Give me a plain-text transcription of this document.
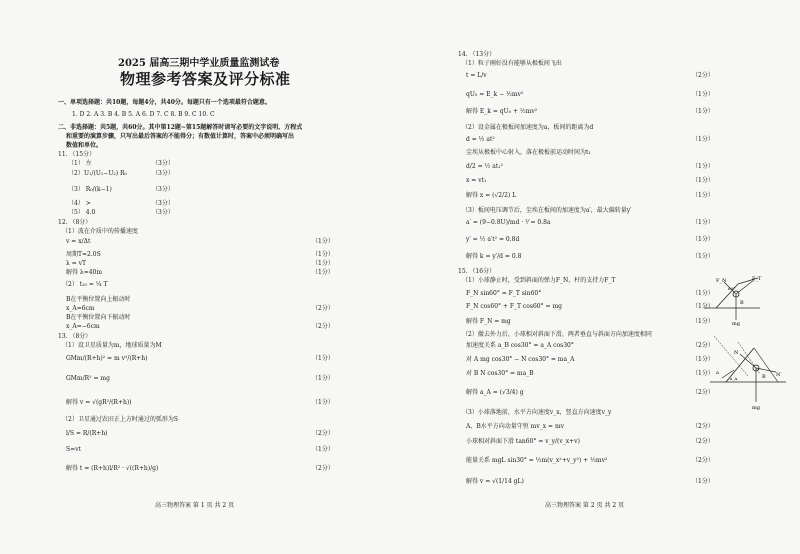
2025 届高三期中学业质量监测试卷
物理参考答案及评分标准
一、单项选择题：共10题，每题4分，共40分。每题只有一个选项最符合题意。
1. D 2. A 3. B 4. B 5. A 6. D 7. C 8. B 9. C 10. C
二、非选择题：共5题，共60分。其中第12题~第15题解答时请写必要的文字说明、方程式
和重要的演算步骤，只写出最后答案的不能得分；有数值计算时，答案中必须明确写出
数值和单位。
11. （15分）
（1） 左	（3分）
（2） U₁/(U₁−U₂) R₀	（3分）
（3） R₀/(k−1)	（3分）
（4） >	（3分）
（5） 4.0	（3分）
12. （8分）
（1）波在介质中的传播速度
v = x/Δt	（1分）
周期T=2.0S	（1分）
λ = vT	（1分）
解得 λ=40m	（1分）
（2） t₂₀ = ¼ T
B在平衡位置向上振动时
x_A=6cm	（2分）
B在平衡位置向下振动时
x_A=−6cm	（2分）
13. （8分）
（1）设卫星质量为m，地球质量为M
GMm/(R+h)² = m v²/(R+h)	（1分）
GMm/R² = mg	（1分）
解得 v = √(gR²/(R+h))	（1分）
（2）卫星通过农田正上方时通过的弧形为S
l/S = R/(R+h)	（2分）
S=vt	（1分）
解得 t = (R+h)l/R² · √((R+h)/g)	（2分）
高三物理答案 第 1 页 共 2 页
14. （13分）
（1）粒子刚好没有能够从极板间飞出
t = L/v	（2分）
qU₀ = E_k − ½mv²	（1分）
解得 E_k = qU₀ + ½mv²	（1分）
（2）设金属在极板间加速度为a，板间的距离为d
d = ½ at²	（1分）
尘埃从极板中心射入，落在极板前运动时间为t₁
d/2 = ½ at₁²	（1分）
x = vt₁	（1分）
解得 x = (√2/2) L	（1分）
（3）板间电压调节后，尘埃在板间的加速度为a′，最大偏转量y′
a′ = (9−0.8U)/md · ⅟ = 0.8a	（1分）
y′ = ½ a′t² = 0.8d	（1分）
解得 k = y′/d = 0.8	（1分）
15. （16分）
（1）小球静止时，受到斜面的弹力F_N，杆的支持力F_T
F_N sin60° = F_T sin60°	（1分）
F_N cos60° + F_T cos60° = mg	（1分）
解得 F_N = mg	（1分）
F_N	F_T
60°
B
mg
（2）撤去外力后，小球相对斜面下滑，两者垂直与斜面方向加速度相同
加速度关系 a_B cos30° = a_A cos30°	（2分）
对 A mg cos30° − N cos30° = ma_A	（1分）
对 B N cos30° = ma_B	（1分）
解得 a_A = (√3/4) g	（2分）
a
a_A
N
N′
B
mg
（3）小球落地前，水平方向速度v_x，竖直方向速度v_y
A、B水平方向动量守恒 mv_x = mv	（2分）
小球相对斜面下滑 tan60° = v_y/(v_x+v)	（2分）
能量关系 mgL sin30° = ½m(v_x²+v_y²) + ½mv²	（2分）
解得 v = √(1/14 gL)	（1分）
高三物理答案 第 2 页 共 2 页
